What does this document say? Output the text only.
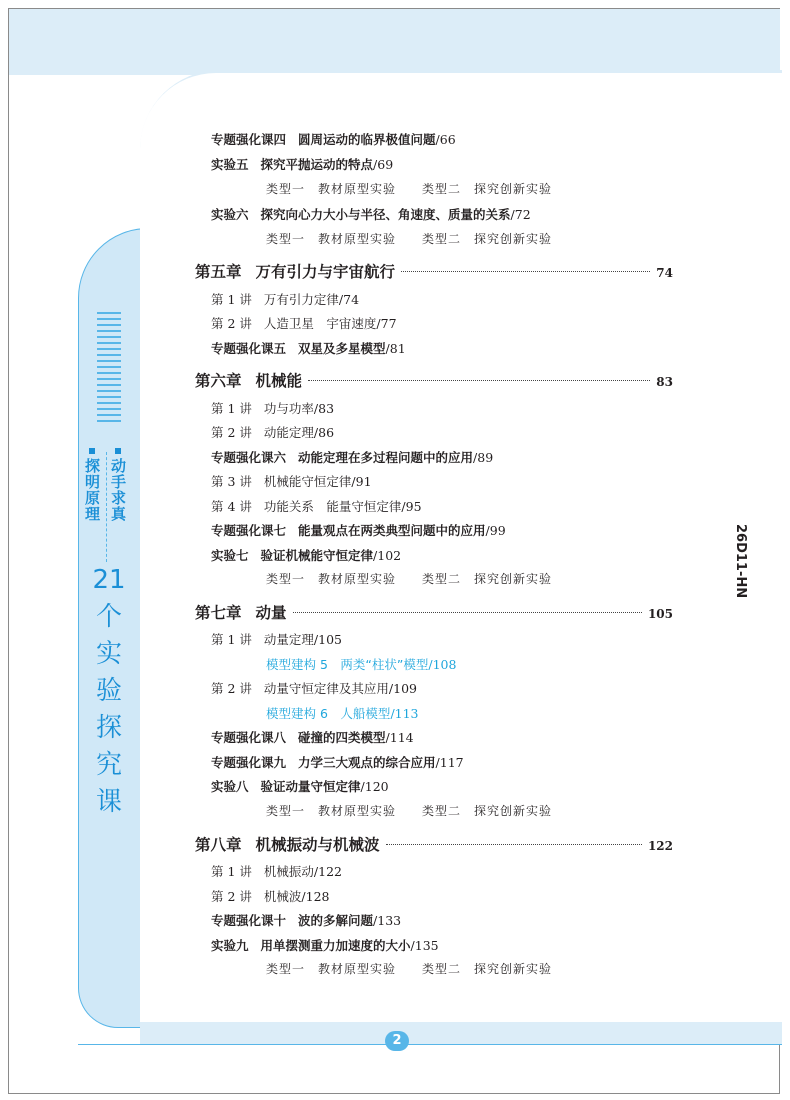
探明原理 动手求真
21个实验探究课
26D11-HN
2
专题强化课四 圆周运动的临界极值问题/66
实验五 探究平抛运动的特点/69
类型一　教材原型实验 类型二　探究创新实验
实验六 探究向心力大小与半径、角速度、质量的关系/72
类型一　教材原型实验 类型二　探究创新实验
第五章 万有引力与宇宙航行	74
第 1 讲 万有引力定律/74
第 2 讲 人造卫星　宇宙速度/77
专题强化课五 双星及多星模型/81
第六章 机械能	83
第 1 讲 功与功率/83
第 2 讲 动能定理/86
专题强化课六 动能定理在多过程问题中的应用/89
第 3 讲 机械能守恒定律/91
第 4 讲 功能关系　能量守恒定律/95
专题强化课七 能量观点在两类典型问题中的应用/99
实验七 验证机械能守恒定律/102
类型一　教材原型实验 类型二　探究创新实验
第七章 动量	105
第 1 讲 动量定理/105
模型建构 5　两类“柱状”模型/108
第 2 讲 动量守恒定律及其应用/109
模型建构 6　人船模型/113
专题强化课八 碰撞的四类模型/114
专题强化课九 力学三大观点的综合应用/117
实验八 验证动量守恒定律/120
类型一　教材原型实验 类型二　探究创新实验
第八章 机械振动与机械波	122
第 1 讲 机械振动/122
第 2 讲 机械波/128
专题强化课十 波的多解问题/133
实验九 用单摆测重力加速度的大小/135
类型一　教材原型实验 类型二　探究创新实验
